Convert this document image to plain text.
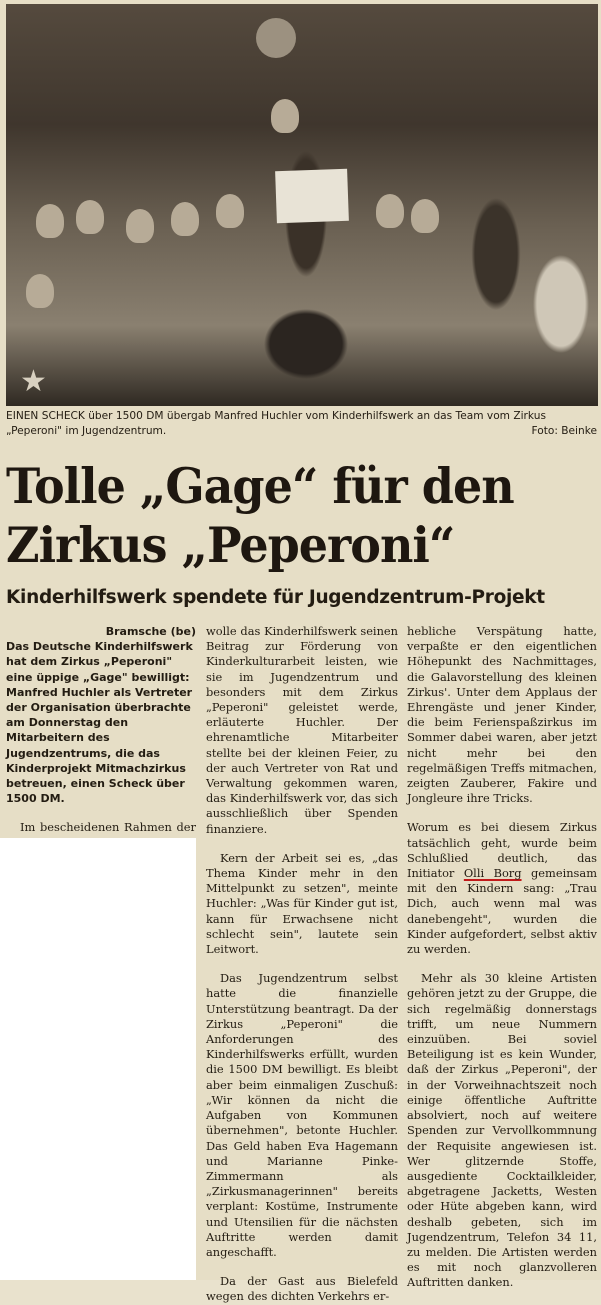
★

EINEN SCHECK über 1500 DM übergab Manfred Huchler vom Kinderhilfswerk an das Team vom Zirkus „Peperoni" im Jugendzentrum.	Foto: Beinke

Tolle „Gage“ für den
Zirkus „Peperoni“
Kinderhilfswerk spendete für Jugendzentrum-Projekt
Bramsche (be)

Das Deutsche Kinderhilfswerk hat dem Zirkus „Peperoni" eine üppige „Gage" bewilligt: Manfred Huchler als Vertreter der Organisation überbrachte am Donnerstag den Mitarbeitern des Jugendzentrums, die das Kinderprojekt Mitmachzirkus betreuen, einen Scheck über 1500 DM.

Im bescheidenen Rahmen der

wolle das Kinderhilfswerk seinen Beitrag zur Förderung von Kinderkulturarbeit leisten, wie sie im Jugendzentrum und besonders mit dem Zirkus „Peperoni" geleistet werde, erläuterte Huchler. Der ehrenamtliche Mitarbeiter stellte bei der kleinen Feier, zu der auch Vertreter von Rat und Verwaltung gekommen waren, das Kinderhilfswerk vor, das sich ausschließlich über Spenden finanziere.

Kern der Arbeit sei es, „das Thema Kinder mehr in den Mittelpunkt zu setzen", meinte Huchler: „Was für Kinder gut ist, kann für Erwachsene nicht schlecht sein", lautete sein Leitwort.

Das Jugendzentrum selbst hatte die finanzielle Unterstützung beantragt. Da der Zirkus „Peperoni" die Anforderungen des Kinderhilfswerks erfüllt, wurden die 1500 DM bewilligt. Es bleibt aber beim einmaligen Zuschuß: „Wir können da nicht die Aufgaben von Kommunen übernehmen", betonte Huchler. Das Geld haben Eva Hagemann und Marianne Pinke-Zimmermann als „Zirkusmanagerinnen" bereits verplant: Kostüme, Instrumente und Utensilien für die nächsten Auftritte werden damit angeschafft.

Da der Gast aus Bielefeld wegen des dichten Verkehrs er-

hebliche Verspätung hatte, verpaßte er den eigentlichen Höhepunkt des Nachmittages, die Galavorstellung des kleinen Zirkus'. Unter dem Applaus der Ehrengäste und jener Kinder, die beim Ferienspaßzirkus im Sommer dabei waren, aber jetzt nicht mehr bei den regelmäßigen Treffs mitmachen, zeigten Zauberer, Fakire und Jongleure ihre Tricks.

Worum es bei diesem Zirkus tatsächlich geht, wurde beim Schlußlied deutlich, das Initiator Olli Borg gemeinsam mit den Kindern sang: „Trau Dich, auch wenn mal was danebengeht", wurden die Kinder aufgefordert, selbst aktiv zu werden.

Mehr als 30 kleine Artisten gehören jetzt zu der Gruppe, die sich regelmäßig donnerstags trifft, um neue Nummern einzuüben. Bei soviel Beteiligung ist es kein Wunder, daß der Zirkus „Peperoni", der in der Vorweihnachtszeit noch einige öffentliche Auftritte absolviert, noch auf weitere Spenden zur Vervollkommnung der Requisite angewiesen ist. Wer glitzernde Stoffe, ausgediente Cocktailkleider, abgetragene Jacketts, Westen oder Hüte abgeben kann, wird deshalb gebeten, sich im Jugendzentrum, Telefon 34 11, zu melden. Die Artisten werden es mit noch glanzvolleren Auftritten danken.
